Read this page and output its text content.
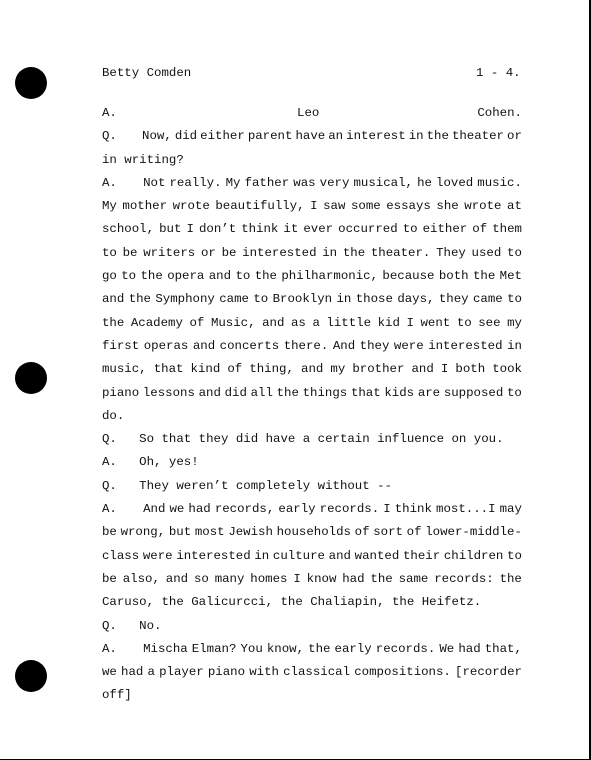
Betty Comden	1 - 4.
A.	Leo	Cohen.
Q.	Now, did either parent have an interest in the theater or
in writing?
A.	Not really. My father was very musical, he loved music.
My mother wrote beautifully, I saw some essays she wrote at
school, but I don’t think it ever occurred to either of them
to be writers or be interested in the theater. They used to
go to the opera and to the philharmonic, because both the Met
and the Symphony came to Brooklyn in those days, they came to
the Academy of Music, and as a little kid I went to see my
first operas and concerts there. And they were interested in
music, that kind of thing, and my brother and I both took
piano lessons and did all the things that kids are supposed to
do.
Q.   So that they did have a certain influence on you.
A.   Oh, yes!
Q.   They weren’t completely without --
A.	And we had records, early records. I think most...I may
be wrong, but most Jewish households of sort of lower-middle-
class were interested in culture and wanted their children to
be also, and so many homes I know had the same records: the
Caruso, the Galicurcci, the Chaliapin, the Heifetz.
Q.   No.
A.	Mischa Elman? You know, the early records. We had that,
we had a player piano with classical compositions. [recorder
off]
